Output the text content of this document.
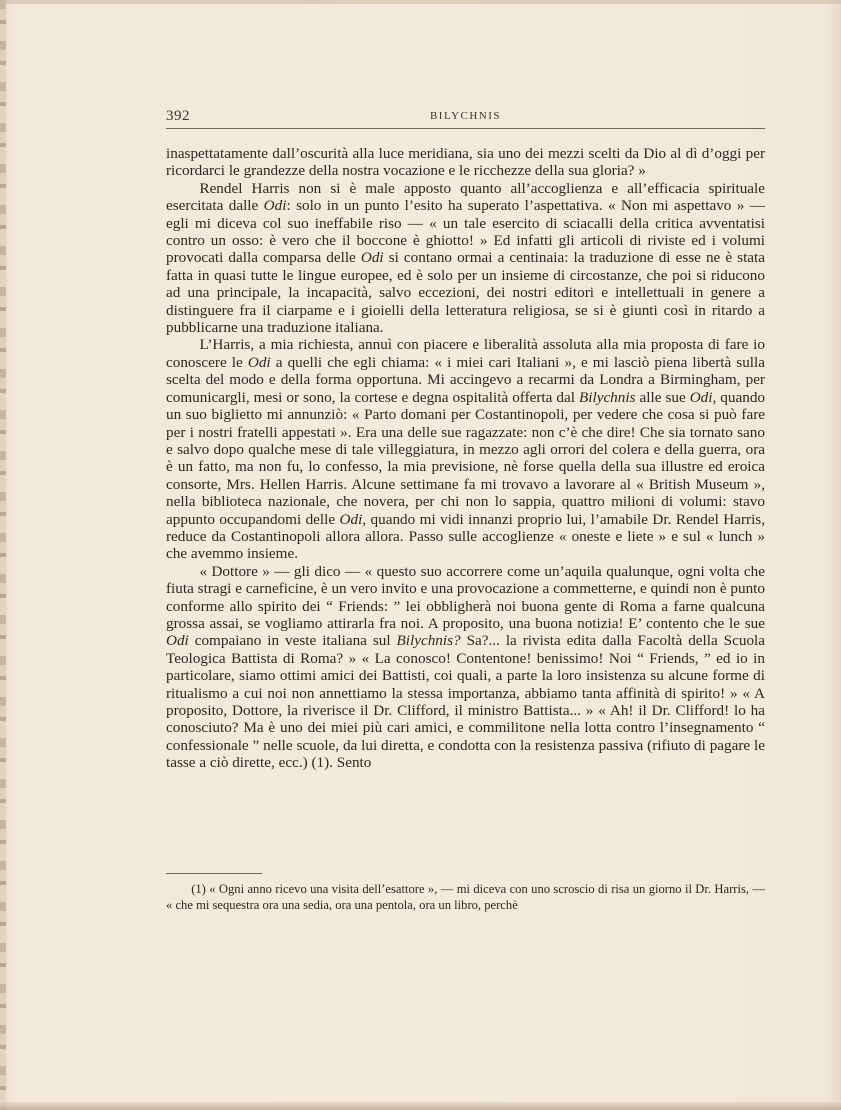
392	BILYCHNIS

inaspettatamente dall’oscurità alla luce meridiana, sia uno dei mezzi scelti da Dio al dì d’oggi per ricordarci le grandezze della nostra vocazione e le ricchezze della sua gloria? »

Rendel Harris non si è male apposto quanto all’accoglienza e all’efficacia spirituale esercitata dalle Odi: solo in un punto l’esito ha superato l’aspettativa. « Non mi aspettavo » — egli mi diceva col suo ineffabile riso — « un tale esercito di sciacalli della critica avventatisi contro un osso: è vero che il boccone è ghiotto! » Ed infatti gli articoli di riviste ed i volumi provocati dalla comparsa delle Odi si contano ormai a centinaia: la traduzione di esse ne è stata fatta in quasi tutte le lingue europee, ed è solo per un insieme di circostanze, che poi si riducono ad una principale, la incapacità, salvo eccezioni, dei nostri editori e intellettuali in genere a distinguere fra il ciarpame e i gioielli della letteratura religiosa, se si è giunti così in ritardo a pubblicarne una traduzione italiana.

L’Harris, a mia richiesta, annuì con piacere e liberalità assoluta alla mia proposta di fare io conoscere le Odi a quelli che egli chiama: « i miei cari Italiani », e mi lasciò piena libertà sulla scelta del modo e della forma opportuna. Mi accingevo a recarmi da Londra a Birmingham, per comunicargli, mesi or sono, la cortese e degna ospitalità offerta dal Bilychnis alle sue Odi, quando un suo biglietto mi annunziò: « Parto domani per Costantinopoli, per vedere che cosa si può fare per i nostri fratelli appestati ». Era una delle sue ragazzate: non c’è che dire! Che sia tornato sano e salvo dopo qualche mese di tale villeggiatura, in mezzo agli orrori del colera e della guerra, ora è un fatto, ma non fu, lo confesso, la mia previsione, nè forse quella della sua illustre ed eroica consorte, Mrs. Hellen Harris. Alcune settimane fa mi trovavo a lavorare al « British Museum », nella biblioteca nazionale, che novera, per chi non lo sappia, quattro milioni di volumi: stavo appunto occupandomi delle Odi, quando mi vidi innanzi proprio lui, l’amabile Dr. Rendel Harris, reduce da Costantinopoli allora allora. Passo sulle accoglienze « oneste e liete » e sul « lunch » che avemmo insieme.

« Dottore » — gli dico — « questo suo accorrere come un’aquila qualunque, ogni volta che fiuta stragi e carneficine, è un vero invito e una provocazione a commetterne, e quindi non è punto conforme allo spirito dei “ Friends: ” lei obbligherà noi buona gente di Roma a farne qualcuna grossa assai, se vogliamo attirarla fra noi. A proposito, una buona notizia! E’ contento che le sue Odi compaiano in veste italiana sul Bilychnis? Sa?... la rivista edita dalla Facoltà della Scuola Teologica Battista di Roma? » « La conosco! Contentone! benissimo! Noi “ Friends, ” ed io in particolare, siamo ottimi amici dei Battisti, coi quali, a parte la loro insistenza su alcune forme di ritualismo a cui noi non annettiamo la stessa importanza, abbiamo tanta affinità di spirito! » « A proposito, Dottore, la riverisce il Dr. Clifford, il ministro Battista... » « Ah! il Dr. Clifford! lo ha conosciuto? Ma è uno dei miei più cari amici, e commilitone nella lotta contro l’insegnamento “ confessionale ” nelle scuole, da lui diretta, e condotta con la resistenza passiva (rifiuto di pagare le tasse a ciò dirette, ecc.) (1). Sento

(1) « Ogni anno ricevo una visita dell’esattore », — mi diceva con uno scroscio di risa un giorno il Dr. Harris, — « che mi sequestra ora una sedia, ora una pentola, ora un libro, perchè
